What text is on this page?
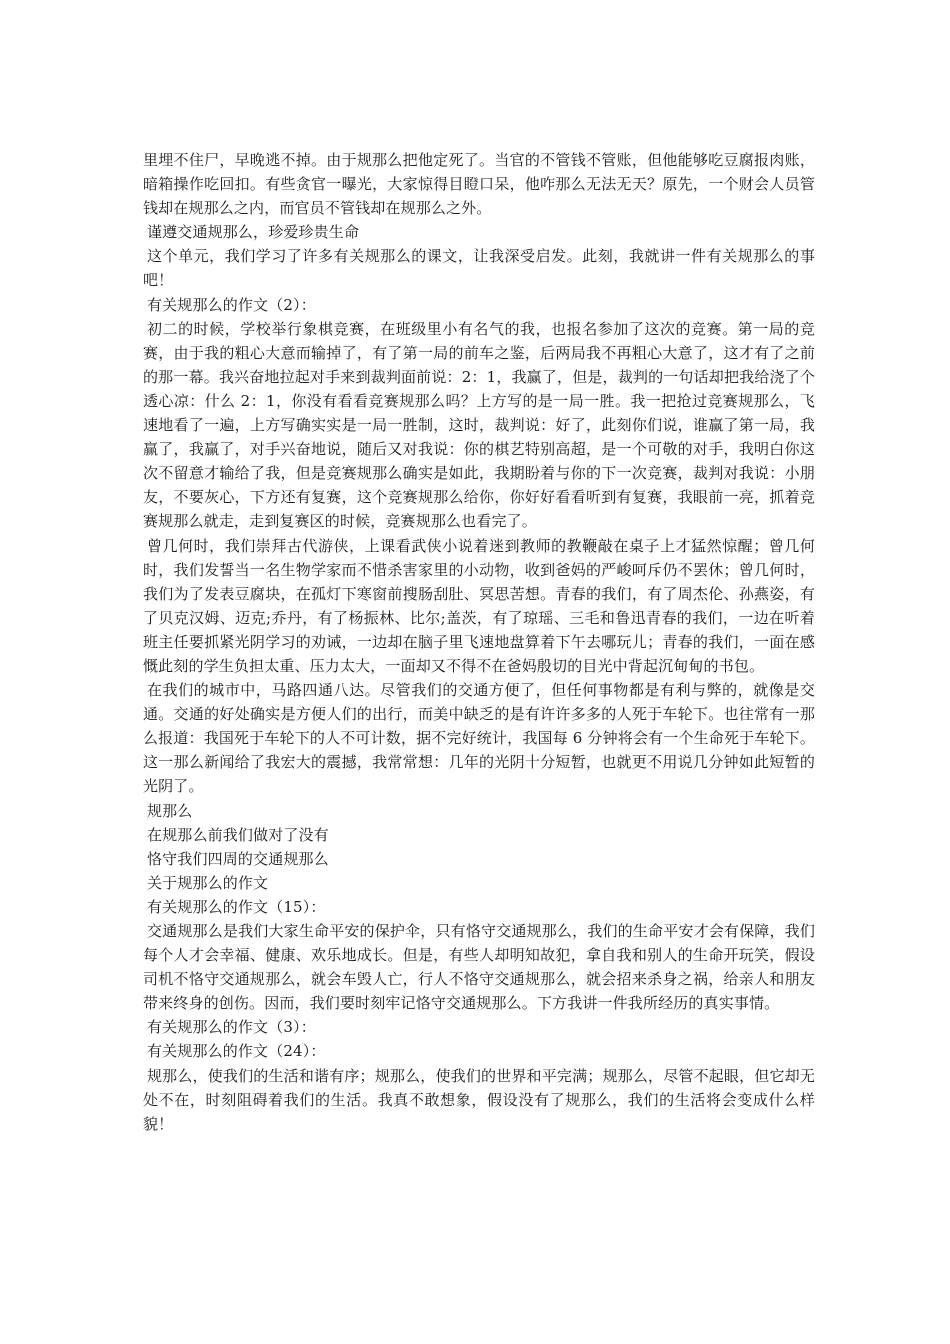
里埋不住尸，早晚逃不掉。由于规那么把他定死了。当官的不管钱不管账，但他能够吃豆腐报肉账，暗箱操作吃回扣。有些贪官一曝光，大家惊得目瞪口呆，他咋那么无法无天？原先，一个财会人员管钱却在规那么之内，而官员不管钱却在规那么之外。

谨遵交通规那么，珍爱珍贵生命

这个单元，我们学习了许多有关规那么的课文，让我深受启发。此刻，我就讲一件有关规那么的事吧！

有关规那么的作文（2）：

初二的时候，学校举行象棋竞赛，在班级里小有名气的我，也报名参加了这次的竞赛。第一局的竞赛，由于我的粗心大意而输掉了，有了第一局的前车之鉴，后两局我不再粗心大意了，这才有了之前的那一幕。我兴奋地拉起对手来到裁判面前说：2：1，我赢了，但是，裁判的一句话却把我给浇了个透心凉：什么 2：1，你没有看看竞赛规那么吗？上方写的是一局一胜。我一把抢过竞赛规那么，飞速地看了一遍，上方写确实实是一局一胜制，这时，裁判说：好了，此刻你们说，谁赢了第一局，我赢了，我赢了，对手兴奋地说，随后又对我说：你的棋艺特别高超，是一个可敬的对手，我明白你这次不留意才输给了我，但是竞赛规那么确实是如此，我期盼着与你的下一次竞赛，裁判对我说：小朋友，不要灰心，下方还有复赛，这个竞赛规那么给你，你好好看看听到有复赛，我眼前一亮，抓着竞赛规那么就走，走到复赛区的时候，竞赛规那么也看完了。

曾几何时，我们崇拜古代游侠，上课看武侠小说着迷到教师的教鞭敲在桌子上才猛然惊醒；曾几何时，我们发誓当一名生物学家而不惜杀害家里的小动物，收到爸妈的严峻呵斥仍不罢休；曾几何时，我们为了发表豆腐块，在孤灯下寒窗前搜肠刮肚、冥思苦想。青春的我们，有了周杰伦、孙燕姿，有了贝克汉姆、迈克;乔丹，有了杨振林、比尔;盖茨，有了琼瑶、三毛和鲁迅青春的我们，一边在听着班主任要抓紧光阴学习的劝诫，一边却在脑子里飞速地盘算着下午去哪玩儿；青春的我们，一面在感慨此刻的学生负担太重、压力太大，一面却又不得不在爸妈殷切的目光中背起沉甸甸的书包。

在我们的城市中，马路四通八达。尽管我们的交通方便了，但任何事物都是有利与弊的，就像是交通。交通的好处确实是方便人们的出行，而美中缺乏的是有许许多多的人死于车轮下。也往常有一那么报道：我国死于车轮下的人不可计数，据不完好统计，我国每 6 分钟将会有一个生命死于车轮下。这一那么新闻给了我宏大的震撼，我常常想：几年的光阴十分短暂，也就更不用说几分钟如此短暂的光阴了。

规那么

在规那么前我们做对了没有

恪守我们四周的交通规那么

关于规那么的作文

有关规那么的作文（15）：

交通规那么是我们大家生命平安的保护伞，只有恪守交通规那么，我们的生命平安才会有保障，我们每个人才会幸福、健康、欢乐地成长。但是，有些人却明知故犯，拿自我和别人的生命开玩笑，假设司机不恪守交通规那么，就会车毁人亡，行人不恪守交通规那么，就会招来杀身之祸，给亲人和朋友带来终身的创伤。因而，我们要时刻牢记恪守交通规那么。下方我讲一件我所经历的真实事情。

有关规那么的作文（3）：

有关规那么的作文（24）：

规那么，使我们的生活和谐有序；规那么，使我们的世界和平完满；规那么，尽管不起眼，但它却无处不在，时刻阻碍着我们的生活。我真不敢想象，假设没有了规那么，我们的生活将会变成什么样貌！
